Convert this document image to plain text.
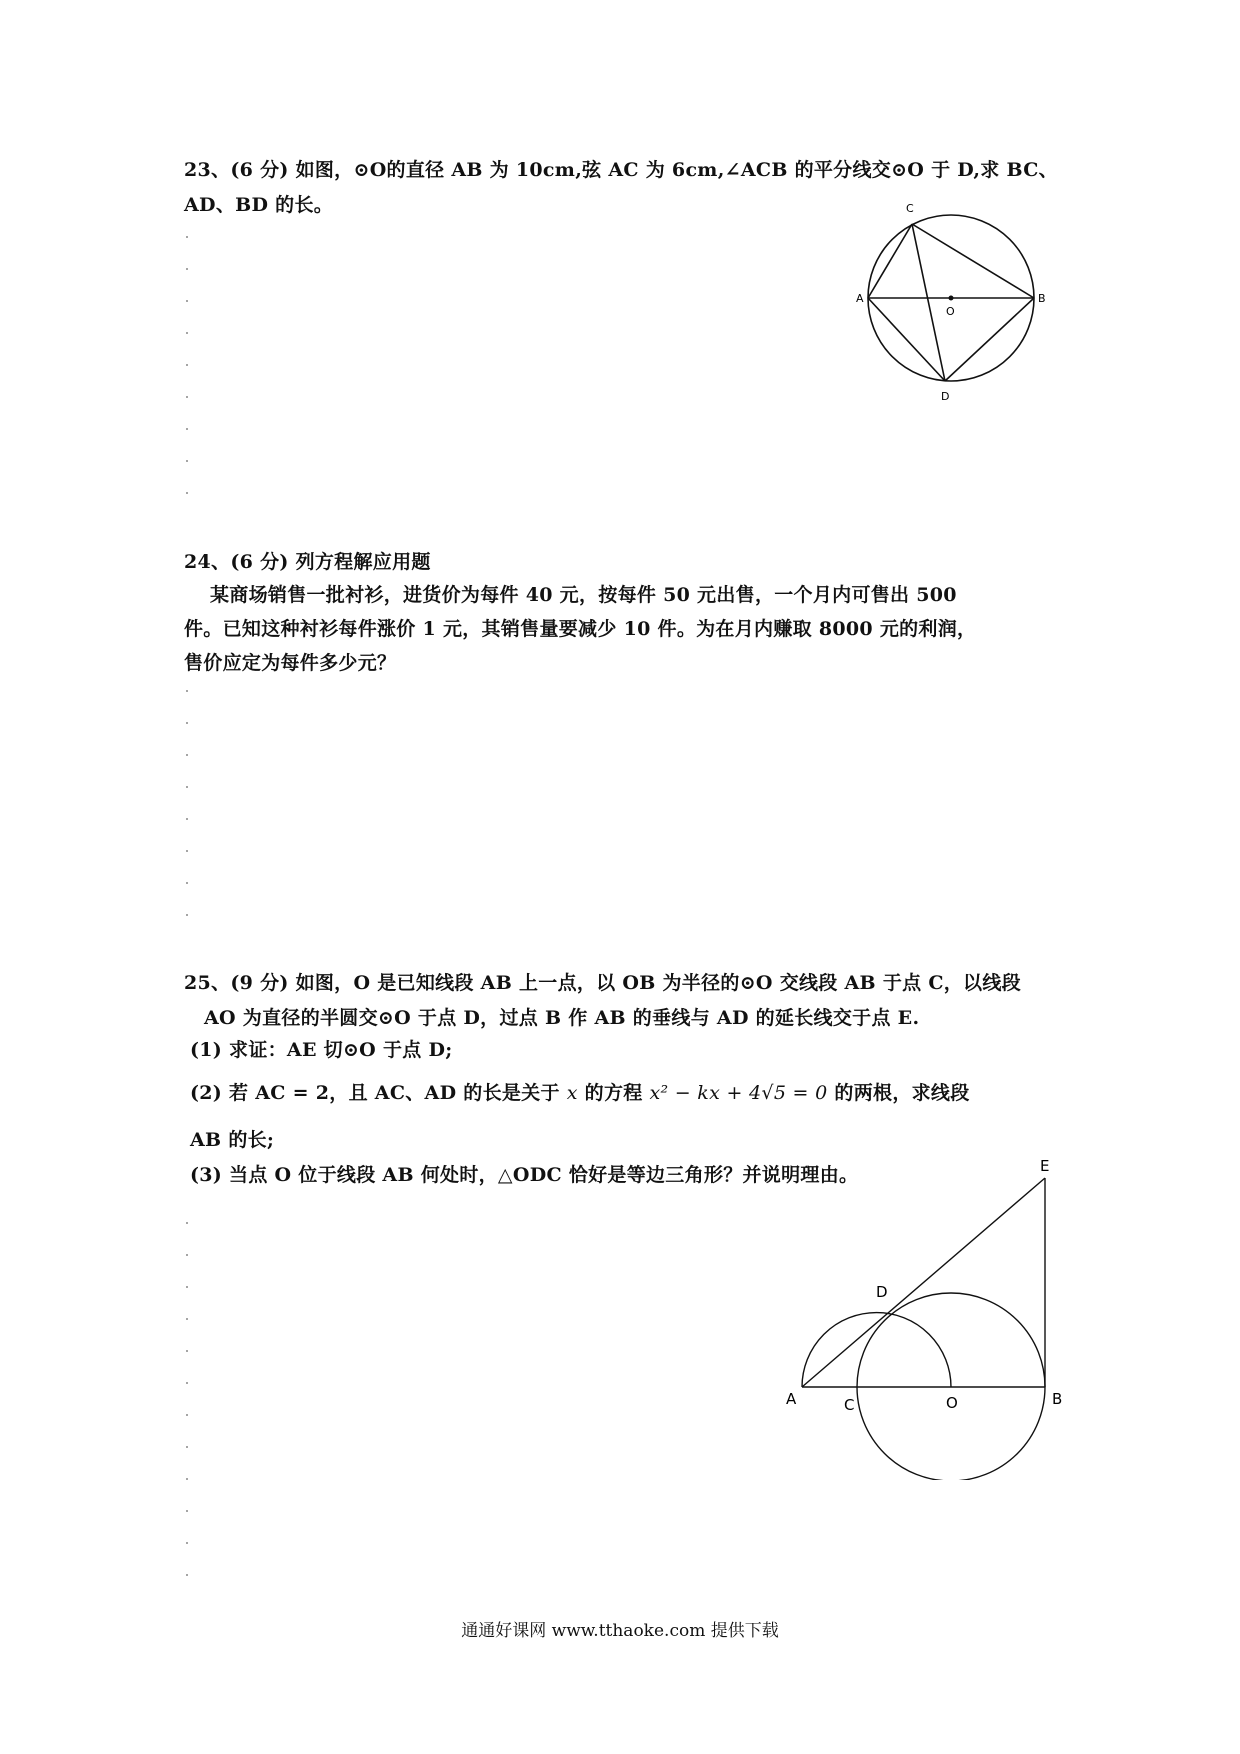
23、(6 分) 如图，⊙O的直径 AB 为 10cm,弦 AC 为 6cm,∠ACB 的平分线交⊙O 于 D,求 BC、
AD、BD 的长。	C
A	B
O
D
24、(6 分) 列方程解应用题
某商场销售一批衬衫，进货价为每件 40 元，按每件 50 元出售，一个月内可售出 500
件。已知这种衬衫每件涨价 1 元，其销售量要减少 10 件。为在月内赚取 8000 元的利润，
售价应定为每件多少元？
25、(9 分) 如图，O 是已知线段 AB 上一点，以 OB 为半径的⊙O 交线段 AB 于点 C，以线段
AO 为直径的半圆交⊙O 于点 D，过点 B 作 AB 的垂线与 AD 的延长线交于点 E.
(1) 求证：AE 切⊙O 于点 D;
(2) 若 AC = 2，且 AC、AD 的长是关于 x 的方程 x² − kx + 4√5 = 0 的两根，求线段
AB 的长;
(3) 当点 O 位于线段 AB 何处时，△ODC 恰好是等边三角形？并说明理由。	E
D
A	C	O	B
通通好课网 www.tthaoke.com 提供下载
